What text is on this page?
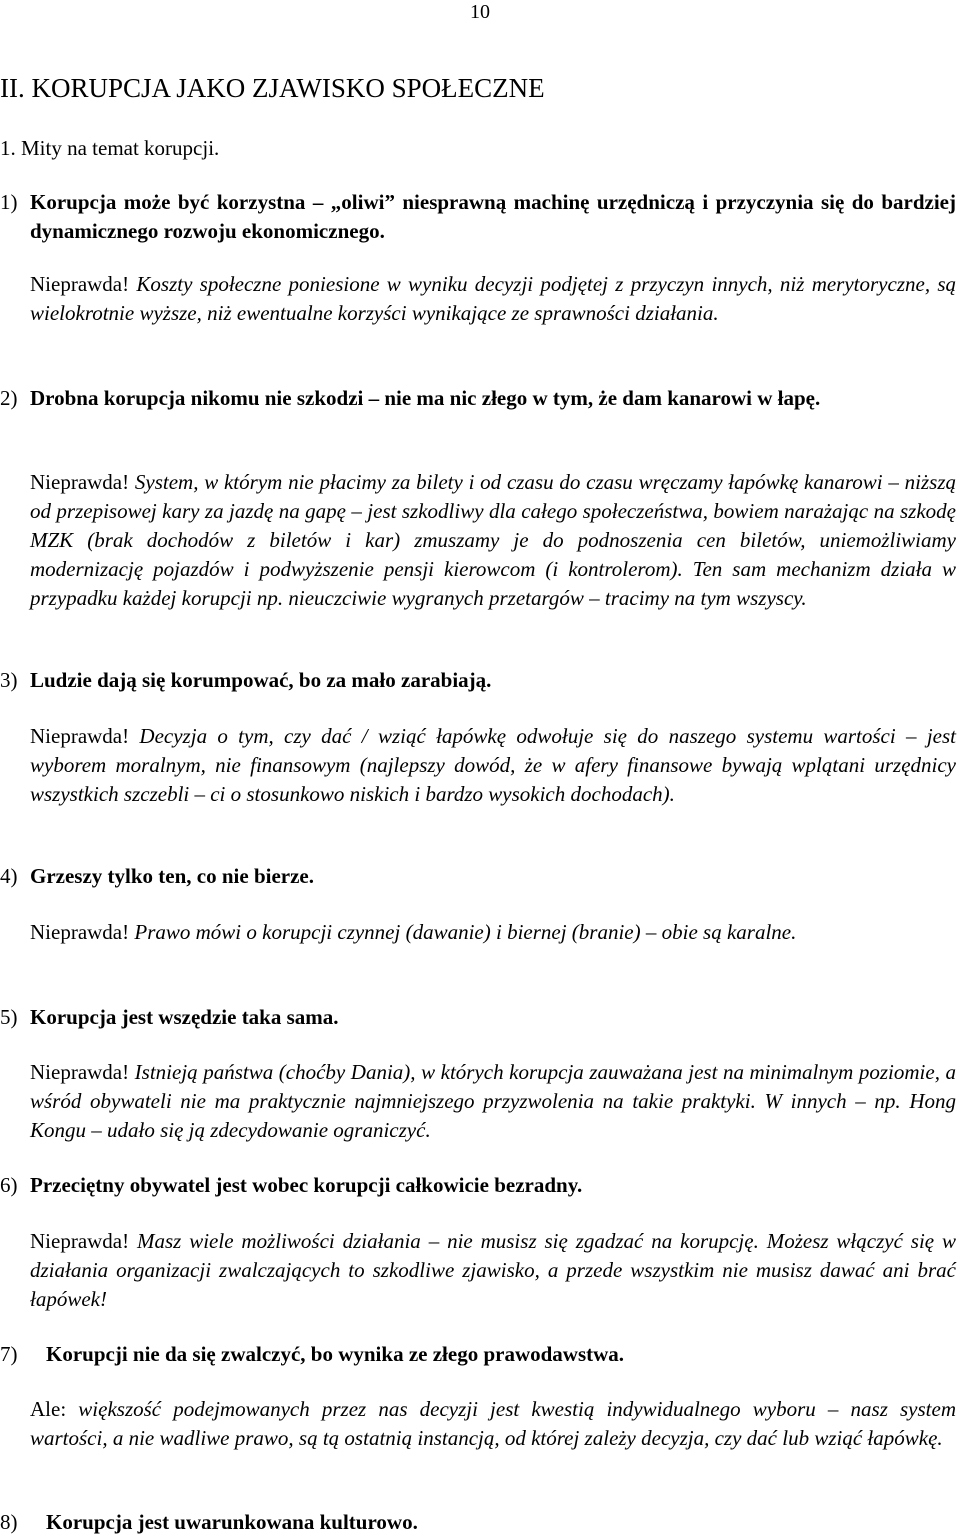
10
II. KORUPCJA JAKO ZJAWISKO SPOŁECZNE
1. Mity na temat korupcji.
1) Korupcja może być korzystna – „oliwi” niesprawną machinę urzędniczą i przyczynia się do bardziej dynamicznego rozwoju ekonomicznego.
Nieprawda! Koszty społeczne poniesione w wyniku decyzji podjętej z przyczyn innych, niż merytoryczne, są wielokrotnie wyższe, niż ewentualne korzyści wynikające ze sprawności działania.
2) Drobna korupcja nikomu nie szkodzi – nie ma nic złego w tym, że dam kanarowi w łapę.
Nieprawda! System, w którym nie płacimy za bilety i od czasu do czasu wręczamy łapówkę kanarowi – niższą od przepisowej kary za jazdę na gapę – jest szkodliwy dla całego społeczeństwa, bowiem narażając na szkodę MZK (brak dochodów z biletów i kar) zmuszamy je do podnoszenia cen biletów, uniemożliwiamy modernizację pojazdów i podwyższenie pensji kierowcom (i kontrolerom). Ten sam mechanizm działa w przypadku każdej korupcji np. nieuczciwie wygranych przetargów – tracimy na tym wszyscy.
3) Ludzie dają się korumpować, bo za mało zarabiają.
Nieprawda! Decyzja o tym, czy dać / wziąć łapówkę odwołuje się do naszego systemu wartości – jest wyborem moralnym, nie finansowym (najlepszy dowód, że w afery finansowe bywają wplątani urzędnicy wszystkich szczebli – ci o stosunkowo niskich i bardzo wysokich dochodach).
4) Grzeszy tylko ten, co nie bierze.
Nieprawda! Prawo mówi o korupcji czynnej (dawanie) i biernej (branie) – obie są karalne.
5) Korupcja jest wszędzie taka sama.
Nieprawda! Istnieją państwa (choćby Dania), w których korupcja zauważana jest na minimalnym poziomie, a wśród obywateli nie ma praktycznie najmniejszego przyzwolenia na takie praktyki. W innych – np. Hong Kongu – udało się ją zdecydowanie ograniczyć.
6) Przeciętny obywatel jest wobec korupcji całkowicie bezradny.
Nieprawda! Masz wiele możliwości działania – nie musisz się zgadzać na korupcję. Możesz włączyć się w działania organizacji zwalczających to szkodliwe zjawisko, a przede wszystkim nie musisz dawać ani brać łapówek!
7) Korupcji nie da się zwalczyć, bo wynika ze złego prawodawstwa.
Ale: większość podejmowanych przez nas decyzji jest kwestią indywidualnego wyboru – nasz system wartości, a nie wadliwe prawo, są tą ostatnią instancją, od której zależy decyzja, czy dać lub wziąć łapówkę.
8) Korupcja jest uwarunkowana kulturowo.
